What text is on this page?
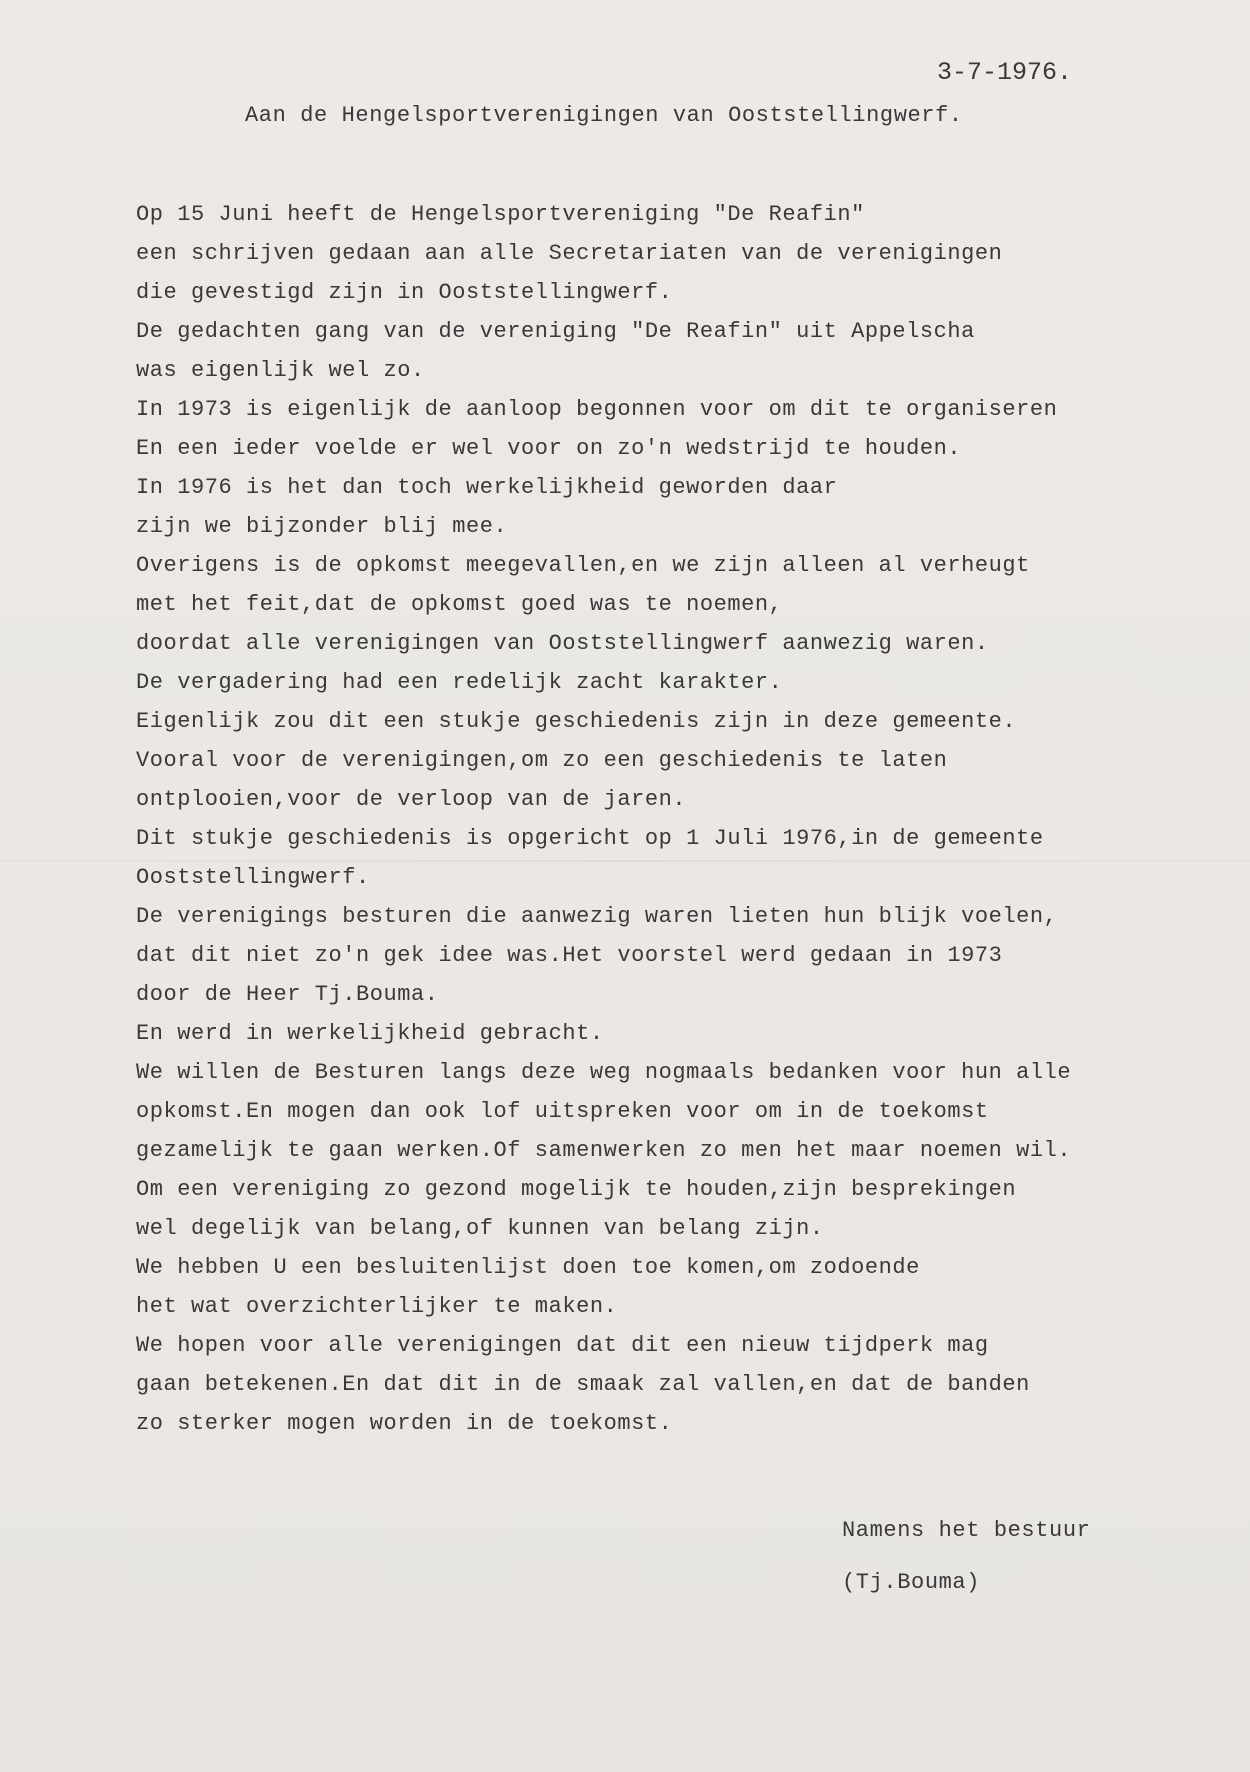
3-7-1976.
Aan de Hengelsportverenigingen van Ooststellingwerf.
Op 15 Juni heeft de Hengelsportvereniging "De Reafin"
een schrijven gedaan aan alle Secretariaten van de verenigingen
die gevestigd zijn in Ooststellingwerf.
De gedachten gang van de vereniging "De Reafin" uit Appelscha
was eigenlijk wel zo.
In 1973 is eigenlijk de aanloop begonnen voor om dit te organiseren
En een ieder voelde er wel voor on zo'n wedstrijd te houden.
In 1976 is het dan toch werkelijkheid geworden daar
zijn we bijzonder blij mee.
Overigens is de opkomst meegevallen,en we zijn alleen al verheugt
met het feit,dat de opkomst goed was te noemen,
doordat alle verenigingen van Ooststellingwerf aanwezig waren.
De vergadering had een redelijk zacht karakter.
Eigenlijk zou dit een stukje geschiedenis zijn in deze gemeente.
Vooral voor de verenigingen,om zo een geschiedenis te laten
ontplooien,voor de verloop van de jaren.
Dit stukje geschiedenis is opgericht op 1 Juli 1976,in de gemeente
Ooststellingwerf.
De verenigings besturen die aanwezig waren lieten hun blijk voelen,
dat dit niet zo'n gek idee was.Het voorstel werd gedaan in 1973
door de Heer Tj.Bouma.
En werd in werkelijkheid gebracht.
We willen de Besturen langs deze weg nogmaals bedanken voor hun alle
opkomst.En mogen dan ook lof uitspreken voor om in de toekomst
gezamelijk te gaan werken.Of samenwerken zo men het maar noemen wil.
Om een vereniging zo gezond mogelijk te houden,zijn besprekingen
wel degelijk van belang,of kunnen van belang zijn.
We hebben U een besluitenlijst doen toe komen,om zodoende
het wat overzichterlijker te maken.
We hopen voor alle verenigingen dat dit een nieuw tijdperk mag
gaan betekenen.En dat dit in de smaak zal vallen,en dat de banden
zo sterker mogen worden in de toekomst.
Namens het bestuur
(Tj.Bouma)
